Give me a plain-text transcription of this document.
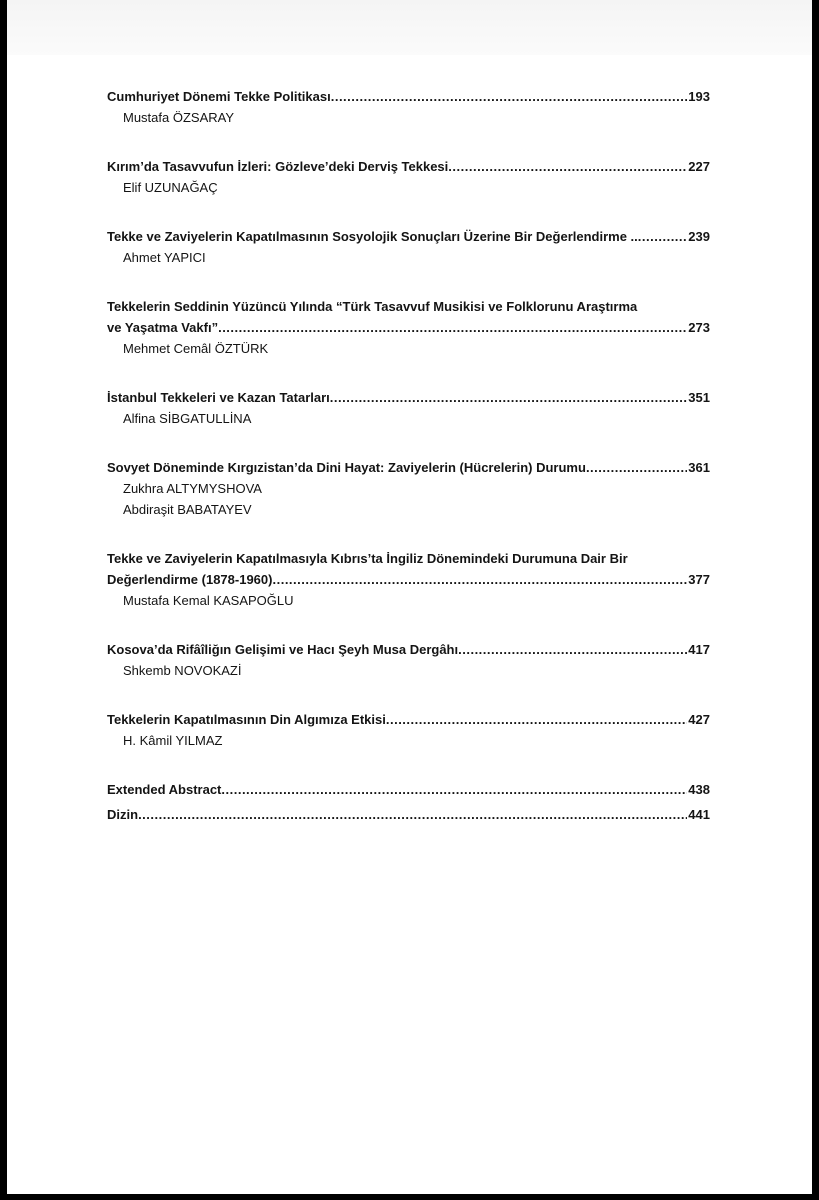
Cumhuriyet Dönemi Tekke Politikası .....	193
Mustafa ÖZSARAY
Kırım’da Tasavvufun İzleri: Gözleve’deki Derviş Tekkesi .....	227
Elif UZUNAĞAÇ
Tekke ve Zaviyelerin Kapatılmasının Sosyolojik Sonuçları Üzerine Bir Değerlendirme .. .....	239
Ahmet YAPICI
Tekkelerin Seddinin Yüzüncü Yılında “Türk Tasavvuf Musikisi ve Folklorunu Araştırma
ve Yaşatma Vakfı” .....	273
Mehmet Cemâl ÖZTÜRK
İstanbul Tekkeleri ve Kazan Tatarları .....	351
Alfina SİBGATULLİNA
Sovyet Döneminde Kırgızistan’da Dini Hayat: Zaviyelerin (Hücrelerin) Durumu .....	361
Zukhra ALTYMYSHOVA
Abdiraşit BABATAYEV
Tekke ve Zaviyelerin Kapatılmasıyla Kıbrıs’ta İngiliz Dönemindeki Durumuna Dair Bir
Değerlendirme (1878-1960) .....	377
Mustafa Kemal KASAPOĞLU
Kosova’da Rifâîliğın Gelişimi ve Hacı Şeyh Musa Dergâhı .....	417
Shkemb NOVOKAZİ
Tekkelerin Kapatılmasının Din Algımıza Etkisi .....	427
H. Kâmil YILMAZ
Extended Abstract .....	438
Dizin .....	441
